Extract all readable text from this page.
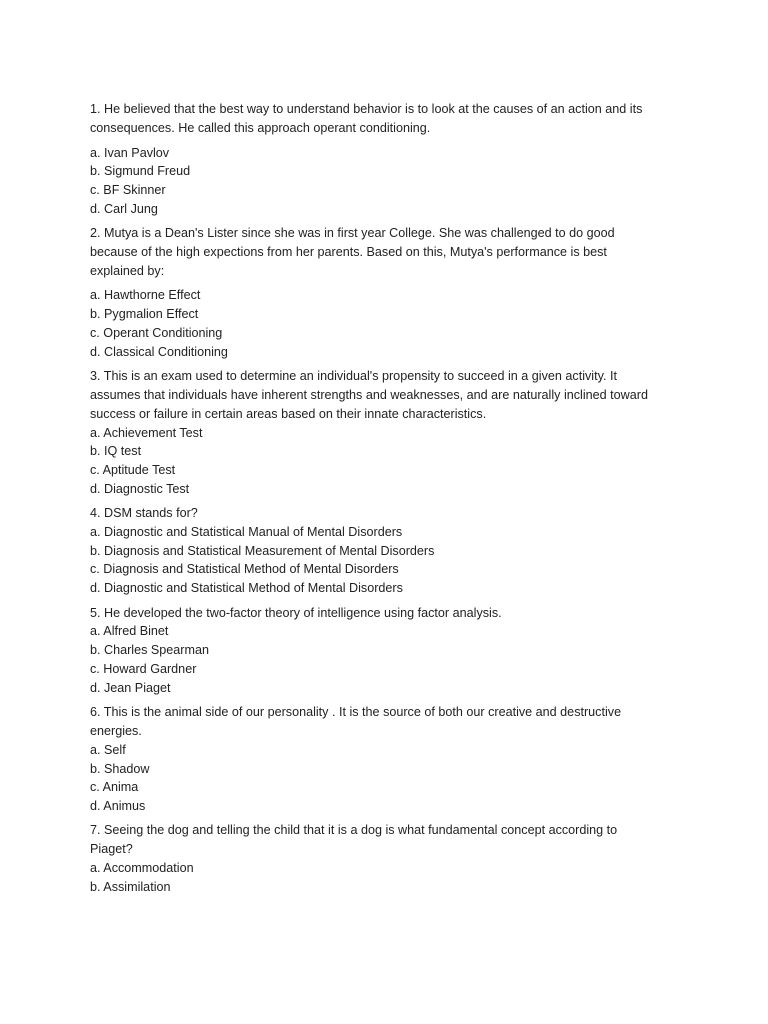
1. He believed that the best way to understand behavior is to look at the causes of an action and its
consequences. He called this approach operant conditioning.
a. Ivan Pavlov
b. Sigmund Freud
c. BF Skinner
d. Carl Jung
2. Mutya is a Dean's Lister since she was in first year College. She was challenged to do good
because of the high expections from her parents. Based on this, Mutya's performance is best
explained by:
a. Hawthorne Effect
b. Pygmalion Effect
c. Operant Conditioning
d. Classical Conditioning
3. This is an exam used to determine an individual's propensity to succeed in a given activity. It
assumes that individuals have inherent strengths and weaknesses, and are naturally inclined toward
success or failure in certain areas based on their innate characteristics.
a. Achievement Test
b. IQ test
c. Aptitude Test
d. Diagnostic Test
4. DSM stands for?
a. Diagnostic and Statistical Manual of Mental Disorders
b. Diagnosis and Statistical Measurement of Mental Disorders
c. Diagnosis and Statistical Method of Mental Disorders
d. Diagnostic and Statistical Method of Mental Disorders
5. He developed the two-factor theory of intelligence using factor analysis.
a. Alfred Binet
b. Charles Spearman
c. Howard Gardner
d. Jean Piaget
6. This is the animal side of our personality . It is the source of both our creative and destructive
energies.
a. Self
b. Shadow
c. Anima
d. Animus
7. Seeing the dog and telling the child that it is a dog is what fundamental concept according to
Piaget?
a. Accommodation
b. Assimilation
